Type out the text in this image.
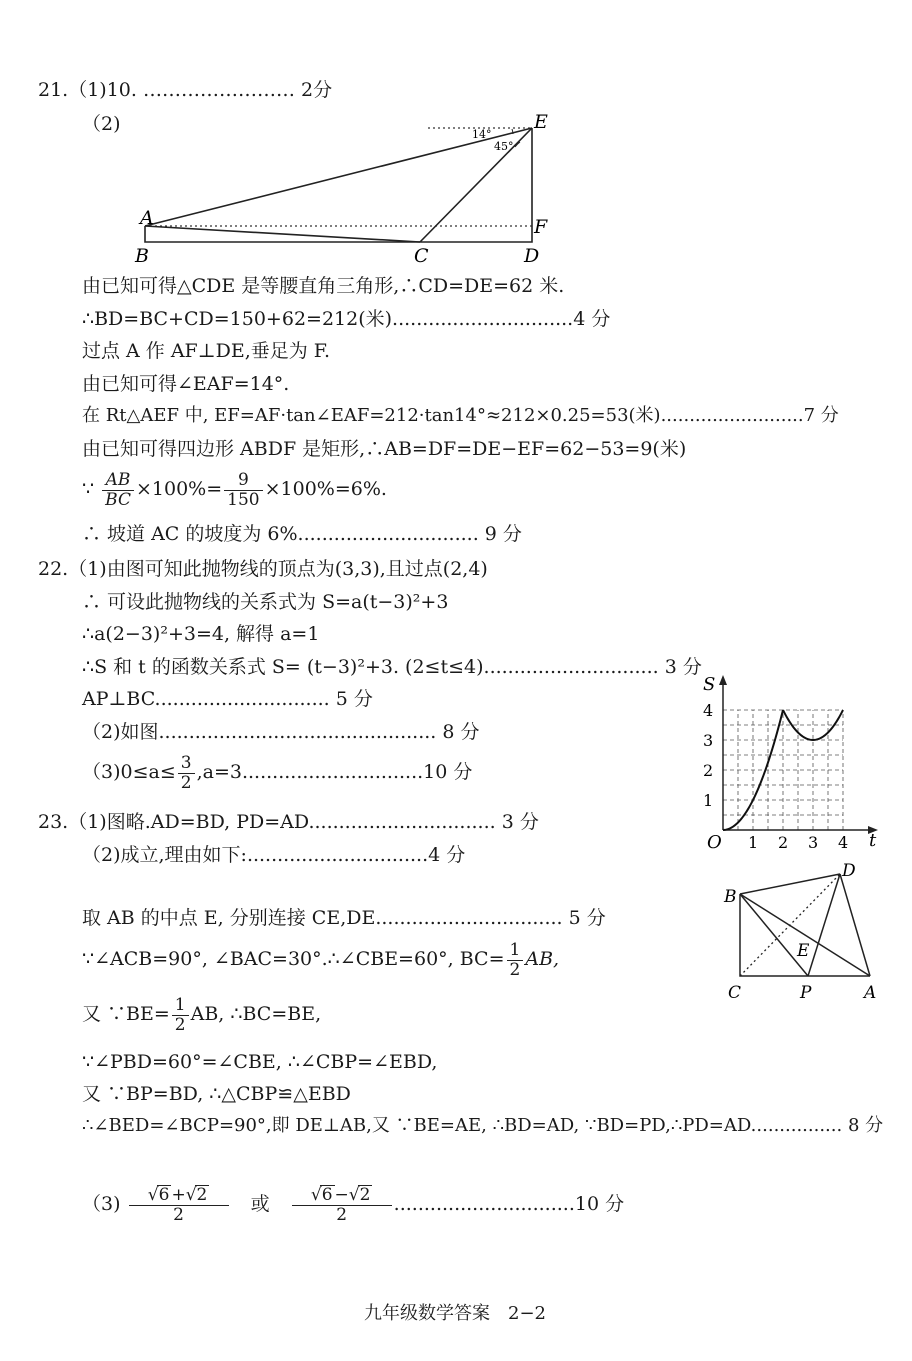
21.（1)10. …………………… 2分
（2)
A
B	C	D
E
F
14°
45°
由已知可得△CDE 是等腰直角三角形,∴CD=DE=62 米.
∴BD=BC+CD=150+62=212(米)..............................4 分
过点 A 作 AF⊥DE,垂足为 F.
由已知可得∠EAF=14°.
在 Rt△AEF 中, EF=AF·tan∠EAF=212·tan14°≈212×0.25=53(米).........................7 分
由已知可得四边形 ABDF 是矩形,∴AB=DF=DE−EF=62−53=9(米)
∵ $\frac{AB}{BC} \times 100\%= \frac{9}{150} \times 100\%=6\%$.
∴ 坡道 AC 的坡度为 6%.............................. 9 分
22.（1)由图可知此抛物线的顶点为(3,3),且过点(2,4)
∴ 可设此抛物线的关系式为 S=a(t−3)²+3
∴a(2−3)²+3=4, 解得 a=1
∴S 和 t 的函数关系式 S= (t−3)²+3. (2≤t≤4)............................. 3 分
AP⊥BC............................. 5 分
（2)如图.............................................. 8 分
$(3)0\le a\le \frac{3}{2} ,a=3..............................10$ 分
S
t
O 1 2 3 4
1
2
3
4
23.（1)图略.AD=BD, PD=AD............................... 3 分
（2)成立,理由如下:..............................4 分
取 AB 的中点 E, 分别连接 CE,DE............................... 5 分
∵∠ACB=90°, ∠BAC=30°.∴∠CBE=60°, $BC= \frac{1}{2}$ AB,
又 ∵BE= $\frac{1}{2}$ AB, ∴BC=BE,
∵∠PBD=60°=∠CBE, ∴∠CBP=∠EBD,
又 ∵BP=BD, ∴△CBP≌△EBD
∴∠BED=∠BCP=90°,即 DE⊥AB,又 ∵BE=AE, ∴BD=AD, ∵BD=PD,∴PD=AD................ 8 分
B
D
E
C	P	A
$(3) \frac{√6 +√2}{2}$ 或 $\frac{√6 -√2}{2} ..............................10$ 分
九年级数学答案　2−2
